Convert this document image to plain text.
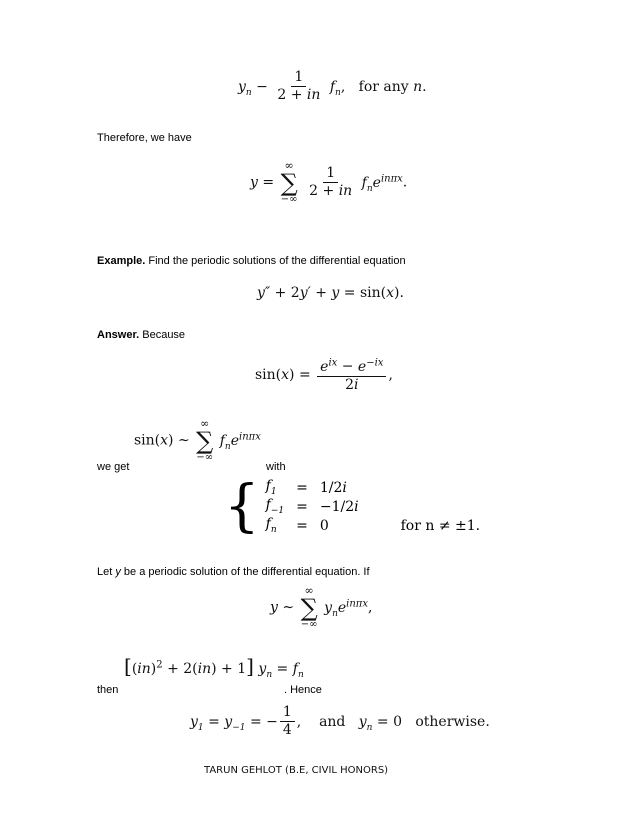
$y_n - \frac{1}{2 + in} f_n$,   for any n.
Therefore, we have
y =
∞
∑
−∞

$\frac{1}{2 + in} f_ne^{in\pi x}$.
Example. Find the periodic solutions of the differential equation
y″ + 2y′ + y = sin(x).
Answer. Because
$\sin(x) = \frac{e^{ix} - e^{-ix}}{2i}$ ,
sin(x) ∼
∞
∑
−∞
$f_ne^{in\pi x}$
we get	with
{ $f_1$	=	1/2i	
$f_{-1}$	=	−1/2i	
$f_n$	=	0	for n ≠ ±1.
Let y be a periodic solution of the differential equation. If
y ∼
∞
∑
−∞
$y_ne^{in\pi x}$,
[(in)$^2$ + 2(in) + 1] $y_n = f_n$
then	. Hence
$y_1 = y_{-1}$ = − $\frac{1}{4}$ ,    and $y_n = 0$   otherwise.
TARUN GEHLOT (B.E, CIVIL HONORS)
